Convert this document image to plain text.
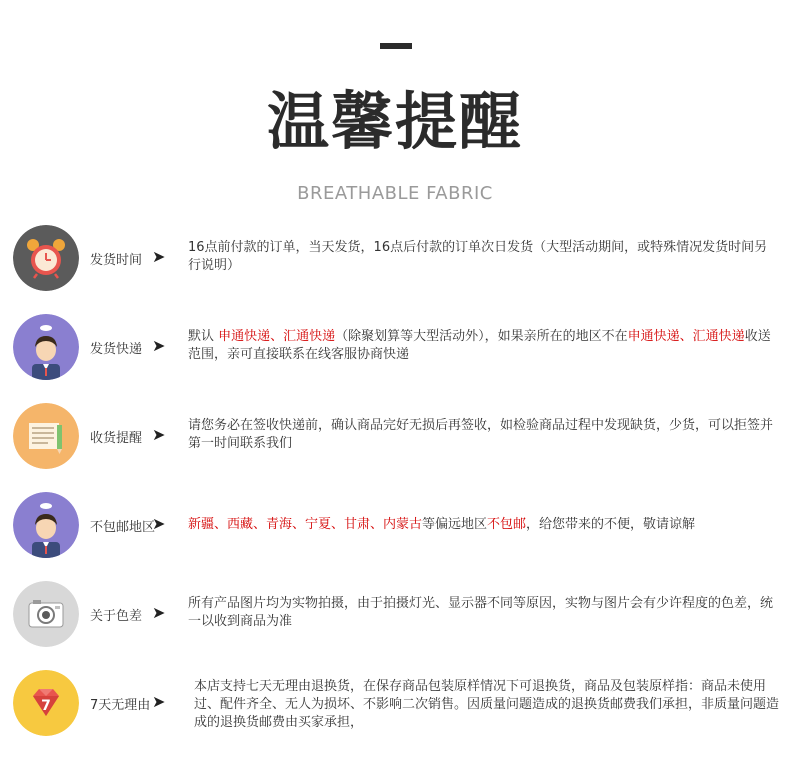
温馨提醒
BREATHABLE FABRIC
发货时间 ➤ 16点前付款的订单，当天发货，16点后付款的订单次日发货（大型活动期间，或特殊情况发货时间另行说明）
发货快递 ➤ 默认 申通快递、汇通快递（除聚划算等大型活动外），如果亲所在的地区不在申通快递、汇通快递收送范围，亲可直接联系在线客服协商快递
收货提醒 ➤ 请您务必在签收快递前，确认商品完好无损后再签收，如检验商品过程中发现缺货，少货，可以拒签并第一时间联系我们
不包邮地区
➤ 新疆、西藏、青海、宁夏、甘肃、内蒙古等偏远地区不包邮，给您带来的不便，敬请谅解
关于色差 ➤ 所有产品图片均为实物拍摄，由于拍摄灯光、显示器不同等原因，实物与图片会有少许程度的色差，统一以收到商品为准
7	7天无理由 ➤
本店支持七天无理由退换货，在保存商品包装原样情况下可退换货，商品及包装原样指：商品未使用过、配件齐全、无人为损坏、不影响二次销售。因质量问题造成的退换货邮费我们承担，非质量问题造成的退换货邮费由买家承担，
